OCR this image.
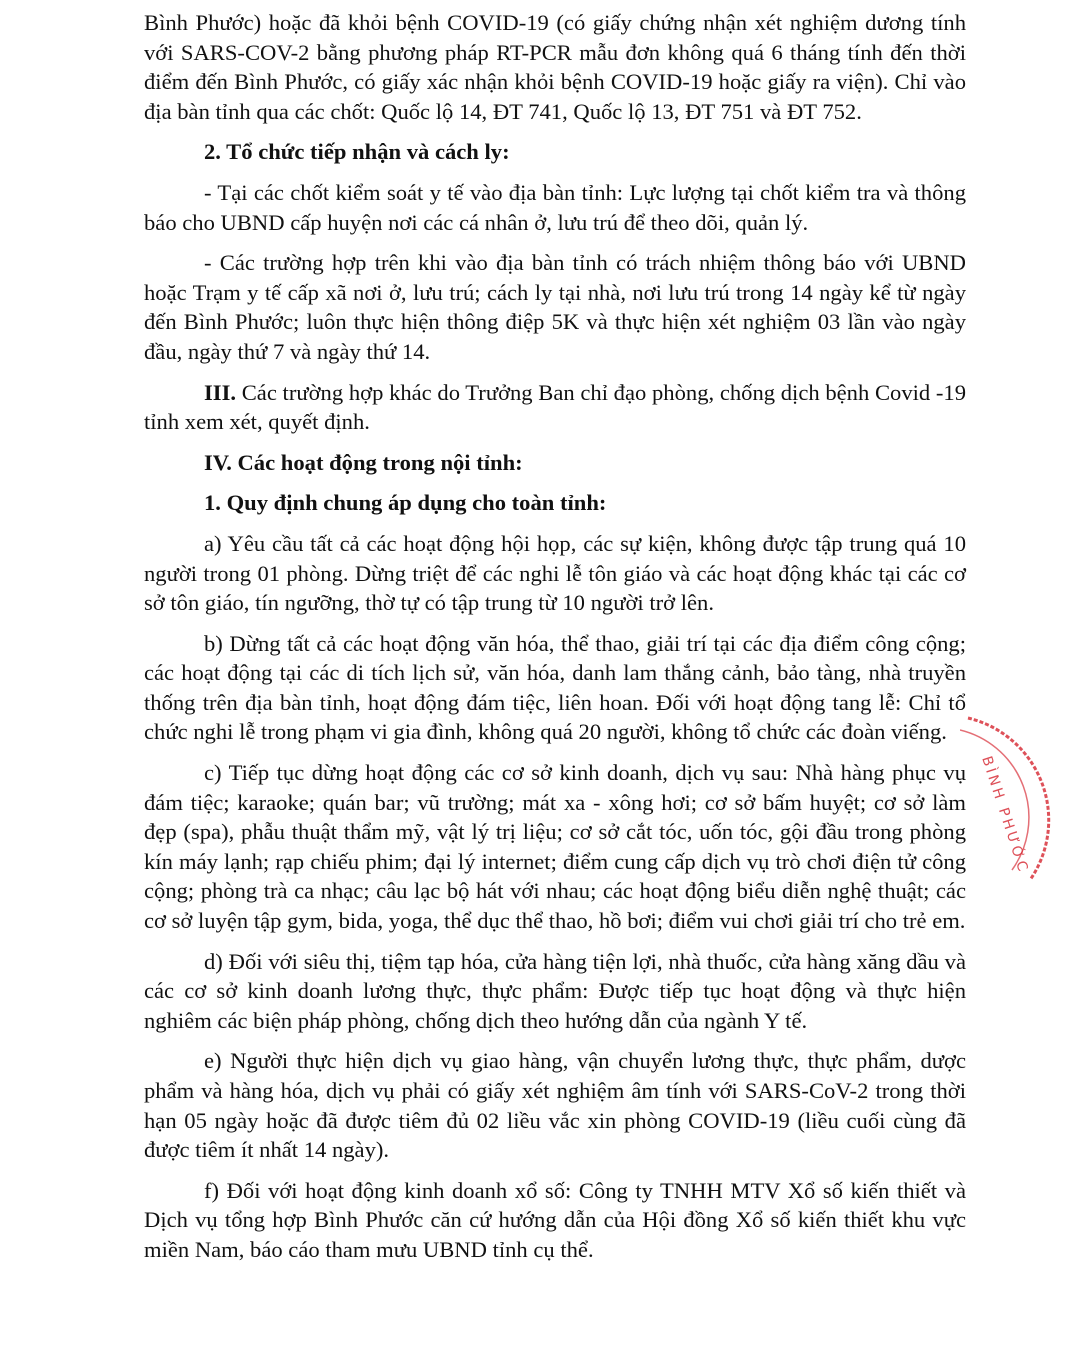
Bình Phước) hoặc đã khỏi bệnh COVID-19 (có giấy chứng nhận xét nghiệm dương tính với SARS-COV-2 bằng phương pháp RT-PCR mẫu đơn không quá 6 tháng tính đến thời điểm đến Bình Phước, có giấy xác nhận khỏi bệnh COVID-19 hoặc giấy ra viện). Chỉ vào địa bàn tỉnh qua các chốt: Quốc lộ 14, ĐT 741, Quốc lộ 13, ĐT 751 và ĐT 752.

2. Tổ chức tiếp nhận và cách ly:

- Tại các chốt kiểm soát y tế vào địa bàn tỉnh: Lực lượng tại chốt kiểm tra và thông báo cho UBND cấp huyện nơi các cá nhân ở, lưu trú để theo dõi, quản lý.

- Các trường hợp trên khi vào địa bàn tỉnh có trách nhiệm thông báo với UBND hoặc Trạm y tế cấp xã nơi ở, lưu trú; cách ly tại nhà, nơi lưu trú trong 14 ngày kể từ ngày đến Bình Phước; luôn thực hiện thông điệp 5K và thực hiện xét nghiệm 03 lần vào ngày đầu, ngày thứ 7 và ngày thứ 14.

III. Các trường hợp khác do Trưởng Ban chỉ đạo phòng, chống dịch bệnh Covid -19 tỉnh xem xét, quyết định.

IV. Các hoạt động trong nội tỉnh:

1. Quy định chung áp dụng cho toàn tỉnh:

a) Yêu cầu tất cả các hoạt động hội họp, các sự kiện, không được tập trung quá 10 người trong 01 phòng. Dừng triệt để các nghi lễ tôn giáo và các hoạt động khác tại các cơ sở tôn giáo, tín ngưỡng, thờ tự có tập trung từ 10 người trở lên.

b) Dừng tất cả các hoạt động văn hóa, thể thao, giải trí tại các địa điểm công cộng; các hoạt động tại các di tích lịch sử, văn hóa, danh lam thắng cảnh, bảo tàng, nhà truyền thống trên địa bàn tỉnh, hoạt động đám tiệc, liên hoan. Đối với hoạt động tang lễ: Chỉ tổ chức nghi lễ trong phạm vi gia đình, không quá 20 người, không tổ chức các đoàn viếng.

c) Tiếp tục dừng hoạt động các cơ sở kinh doanh, dịch vụ sau: Nhà hàng phục vụ đám tiệc; karaoke; quán bar; vũ trường; mát xa - xông hơi; cơ sở bấm huyệt; cơ sở làm đẹp (spa), phẫu thuật thẩm mỹ, vật lý trị liệu; cơ sở cắt tóc, uốn tóc, gội đầu trong phòng kín máy lạnh; rạp chiếu phim; đại lý internet; điểm cung cấp dịch vụ trò chơi điện tử công cộng; phòng trà ca nhạc; câu lạc bộ hát với nhau; các hoạt động biểu diễn nghệ thuật; các cơ sở luyện tập gym, bida, yoga, thể dục thể thao, hồ bơi; điểm vui chơi giải trí cho trẻ em.

d) Đối với siêu thị, tiệm tạp hóa, cửa hàng tiện lợi, nhà thuốc, cửa hàng xăng dầu và các cơ sở kinh doanh lương thực, thực phẩm: Được tiếp tục hoạt động và thực hiện nghiêm các biện pháp phòng, chống dịch theo hướng dẫn của ngành Y tế.

e) Người thực hiện dịch vụ giao hàng, vận chuyển lương thực, thực phẩm, dược phẩm và hàng hóa, dịch vụ phải có giấy xét nghiệm âm tính với SARS-CoV-2 trong thời hạn 05 ngày hoặc đã được tiêm đủ 02 liều vắc xin phòng COVID-19 (liều cuối cùng đã được tiêm ít nhất 14 ngày).

f) Đối với hoạt động kinh doanh xổ số: Công ty TNHH MTV Xổ số kiến thiết và Dịch vụ tổng hợp Bình Phước căn cứ hướng dẫn của Hội đồng Xổ số kiến thiết khu vực miền Nam, báo cáo tham mưu UBND tỉnh cụ thể.

BÌNH PHƯỚC
